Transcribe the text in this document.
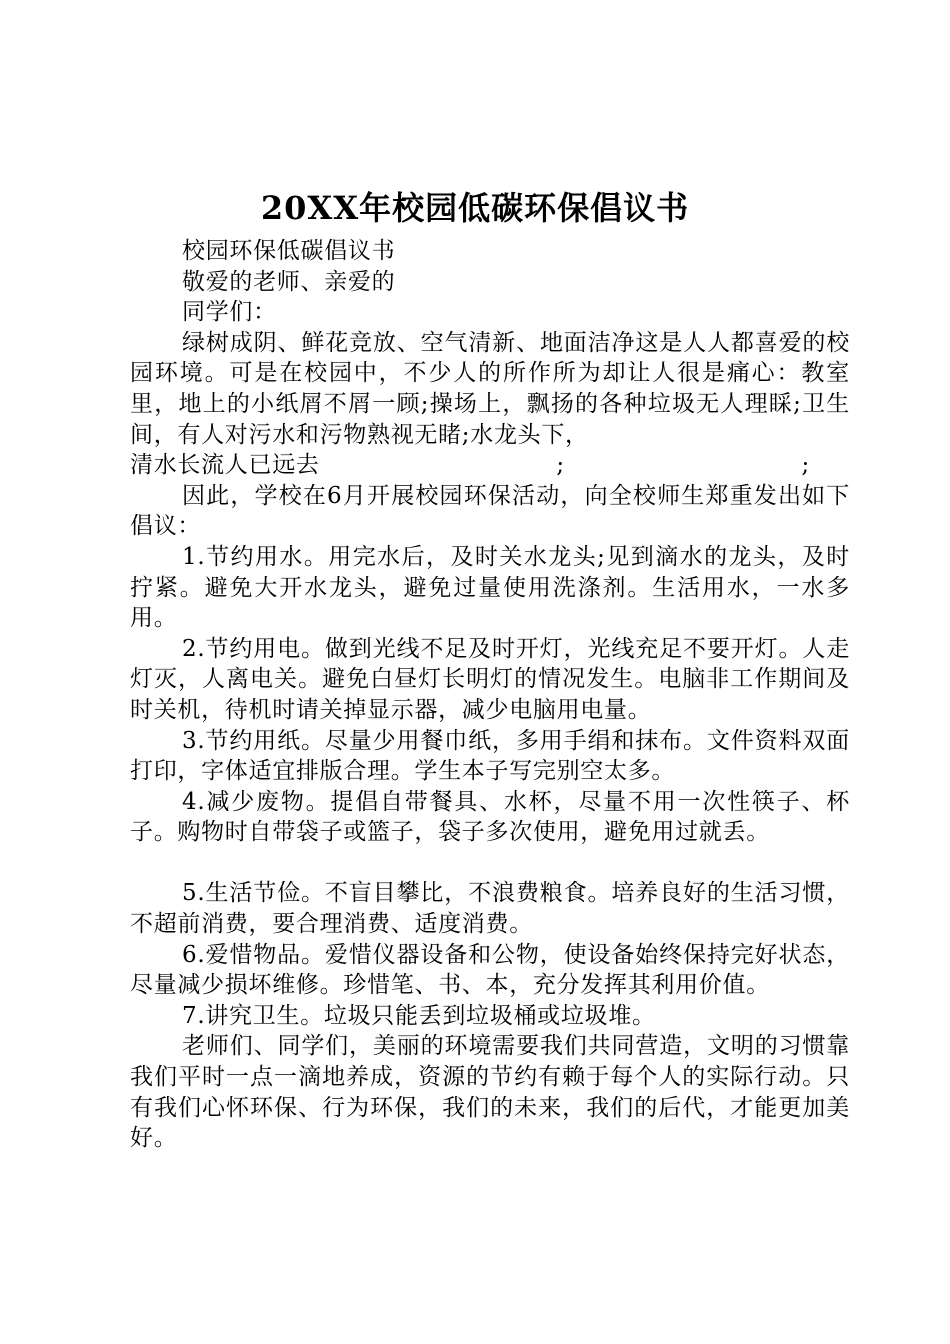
20XX年校园低碳环保倡议书

校园环保低碳倡议书

敬爱的老师、亲爱的

同学们：

绿树成阴、鲜花竞放、空气清新、地面洁净这是人人都喜爱的校园环境。可是在校园中，不少人的所作所为却让人很是痛心：教室里，地上的小纸屑不屑一顾;操场上，飘扬的各种垃圾无人理睬;卫生间，有人对污水和污物熟视无睹;水龙头下，

清水长流人已远去	;	;

因此，学校在6月开展校园环保活动，向全校师生郑重发出如下倡议：

1.节约用水。用完水后，及时关水龙头;见到滴水的龙头，及时拧紧。避免大开水龙头，避免过量使用洗涤剂。生活用水，一水多用。

2.节约用电。做到光线不足及时开灯，光线充足不要开灯。人走灯灭，人离电关。避免白昼灯长明灯的情况发生。电脑非工作期间及时关机，待机时请关掉显示器，减少电脑用电量。

3.节约用纸。尽量少用餐巾纸，多用手绢和抹布。文件资料双面打印，字体适宜排版合理。学生本子写完别空太多。

4.减少废物。提倡自带餐具、水杯，尽量不用一次性筷子、杯子。购物时自带袋子或篮子，袋子多次使用，避免用过就丢。

5.生活节俭。不盲目攀比，不浪费粮食。培养良好的生活习惯，不超前消费，要合理消费、适度消费。

6.爱惜物品。爱惜仪器设备和公物，使设备始终保持完好状态，尽量减少损坏维修。珍惜笔、书、本，充分发挥其利用价值。

7.讲究卫生。垃圾只能丢到垃圾桶或垃圾堆。

老师们、同学们，美丽的环境需要我们共同营造，文明的习惯靠我们平时一点一滴地养成，资源的节约有赖于每个人的实际行动。只有我们心怀环保、行为环保，我们的未来，我们的后代，才能更加美好。
